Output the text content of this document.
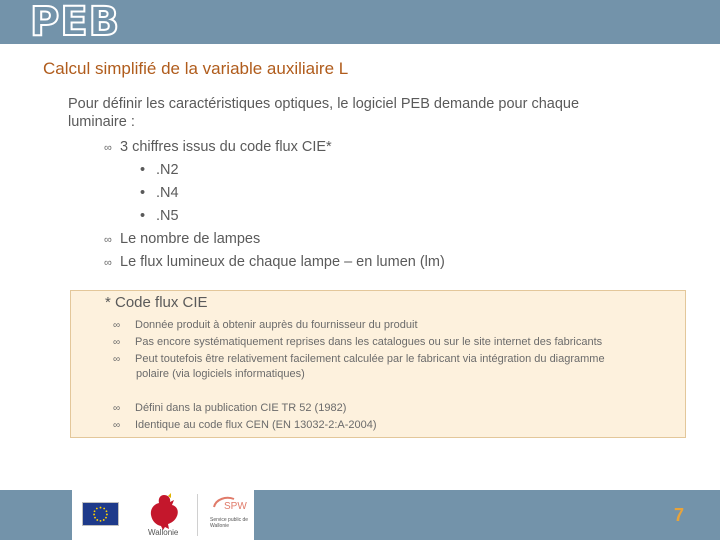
PEB
Calcul simplifié de la variable auxiliaire L
Pour définir les caractéristiques optiques, le logiciel PEB demande pour chaque luminaire :
∞ 3 chiffres issus du code flux CIE*
• .N2
• .N4
• .N5
∞ Le nombre de lampes
∞ Le flux lumineux de chaque lampe – en lumen (lm)
* Code flux CIE
∞ Donnée produit à obtenir auprès du fournisseur du produit
∞ Pas encore systématiquement reprises dans les catalogues ou sur le site internet des fabricants
∞ Peut toutefois être relativement facilement calculée par le fabricant via intégration du diagramme
polaire (via logiciels informatiques)
∞ Défini dans la publication CIE TR 52 (1982)
∞ Identique au code flux CEN (EN 13032-2:A-2004)
Wallonie
SPW
Service public de Wallonie
7
